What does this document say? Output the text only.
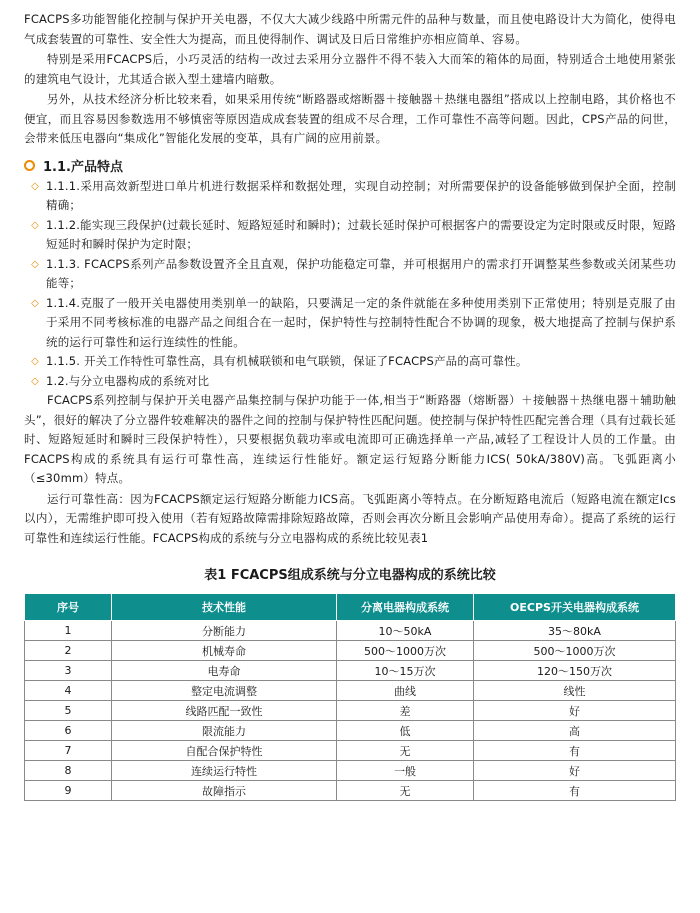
FCACPS多功能智能化控制与保护开关电器，不仅大大减少线路中所需元件的品种与数量，而且使电路设计大为简化，使得电气成套装置的可靠性、安全性大为提高，而且使得制作、调试及日后日常维护亦相应简单、容易。

特别是采用FCACPS后，小巧灵活的结构一改过去采用分立器件不得不装入大而笨的箱体的局面，特别适合土地使用紧张的建筑电气设计，尤其适合嵌入型土建墙内暗敷。

另外，从技术经济分析比较来看，如果采用传统“断路器或熔断器＋接触器＋热继电器组”搭成以上控制电路，其价格也不便宜，而且容易因参数选用不够慎密等原因造成成套装置的组成不尽合理，工作可靠性不高等问题。因此，CPS产品的问世，会带来低压电器向“集成化”智能化发展的变革，具有广阔的应用前景。

1.1.产品特点
◇ 1.1.1.采用高效新型进口单片机进行数据采样和数据处理，实现自动控制；对所需要保护的设备能够做到保护全面，控制精确；
◇ 1.1.2.能实现三段保护(过载长延时、短路短延时和瞬时)；过载长延时保护可根据客户的需要设定为定时限或反时限，短路短延时和瞬时保护为定时限；
◇ 1.1.3. FCACPS系列产品参数设置齐全且直观，保护功能稳定可靠，并可根据用户的需求打开调整某些参数或关闭某些功能等；
◇ 1.1.4.克服了一般开关电器使用类别单一的缺陷，只要满足一定的条件就能在多种使用类别下正常使用；特别是克服了由于采用不同考核标准的电器产品之间组合在一起时，保护特性与控制特性配合不协调的现象，极大地提高了控制与保护系统的运行可靠性和运行连续性的性能。
◇ 1.1.5. 开关工作特性可靠性高，具有机械联锁和电气联锁，保证了FCACPS产品的高可靠性。
◇ 1.2.与分立电器构成的系统对比

FCACPS系列控制与保护开关电器产品集控制与保护功能于一体,相当于“断路器（熔断器）＋接触器＋热继电器＋辅助触头”，很好的解决了分立器件较难解决的器件之间的控制与保护特性匹配问题。使控制与保护特性匹配完善合理（具有过载长延时、短路短延时和瞬时三段保护特性），只要根据负载功率或电流即可正确选择单一产品,减轻了工程设计人员的工作量。由FCACPS构成的系统具有运行可靠性高，连续运行性能好。额定运行短路分断能力ICS( 50kA/380V)高。飞弧距离小（≤30mm）特点。

运行可靠性高：因为FCACPS额定运行短路分断能力ICS高。飞弧距离小等特点。在分断短路电流后（短路电流在额定Ics以内），无需维护即可投入使用（若有短路故障需排除短路故障，否则会再次分断且会影响产品使用寿命）。提高了系统的运行可靠性和连续运行性能。FCACPS构成的系统与分立电器构成的系统比较见表1

表1 FCACPS组成系统与分立电器构成的系统比较
序号	技术性能	分离电器构成系统	OECPS开关电器构成系统
1	分断能力	10～50kA	35～80kA
2	机械寿命	500～1000万次	500～1000万次
3	电寿命	10～15万次	120～150万次
4	整定电流调整	曲线	线性
5	线路匹配一致性	差	好
6	限流能力	低	高
7	自配合保护特性	无	有
8	连续运行特性	一般	好
9	故障指示	无	有
